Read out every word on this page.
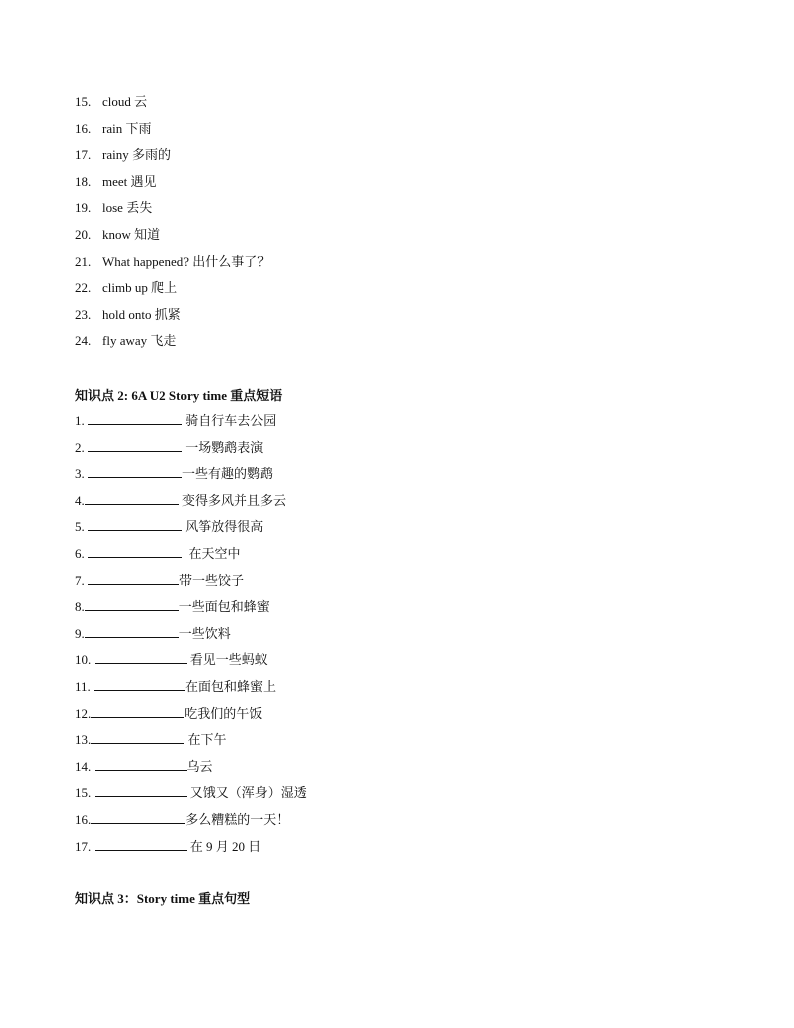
15. cloud 云
16. rain 下雨
17. rainy 多雨的
18. meet 遇见
19. lose 丢失
20. know 知道
21. What happened? 出什么事了？
22. climb up 爬上
23. hold onto 抓紧
24. fly away 飞走
知识点 2: 6A U2 Story time 重点短语
1.	骑自行车去公园
2.	一场鹦鹉表演
3.	一些有趣的鹦鹉
4.	变得多风并且多云
5.	风筝放得很高
6.	在天空中
7.	带一些饺子
8.	一些面包和蜂蜜
9.	一些饮料
10.	看见一些蚂蚁
11.	在面包和蜂蜜上
12.	吃我们的午饭
13.	在下午
14.	乌云
15.	又饿又（浑身）湿透
16.	多么糟糕的一天！
17.	在 9 月 20 日
知识点 3：Story time 重点句型
